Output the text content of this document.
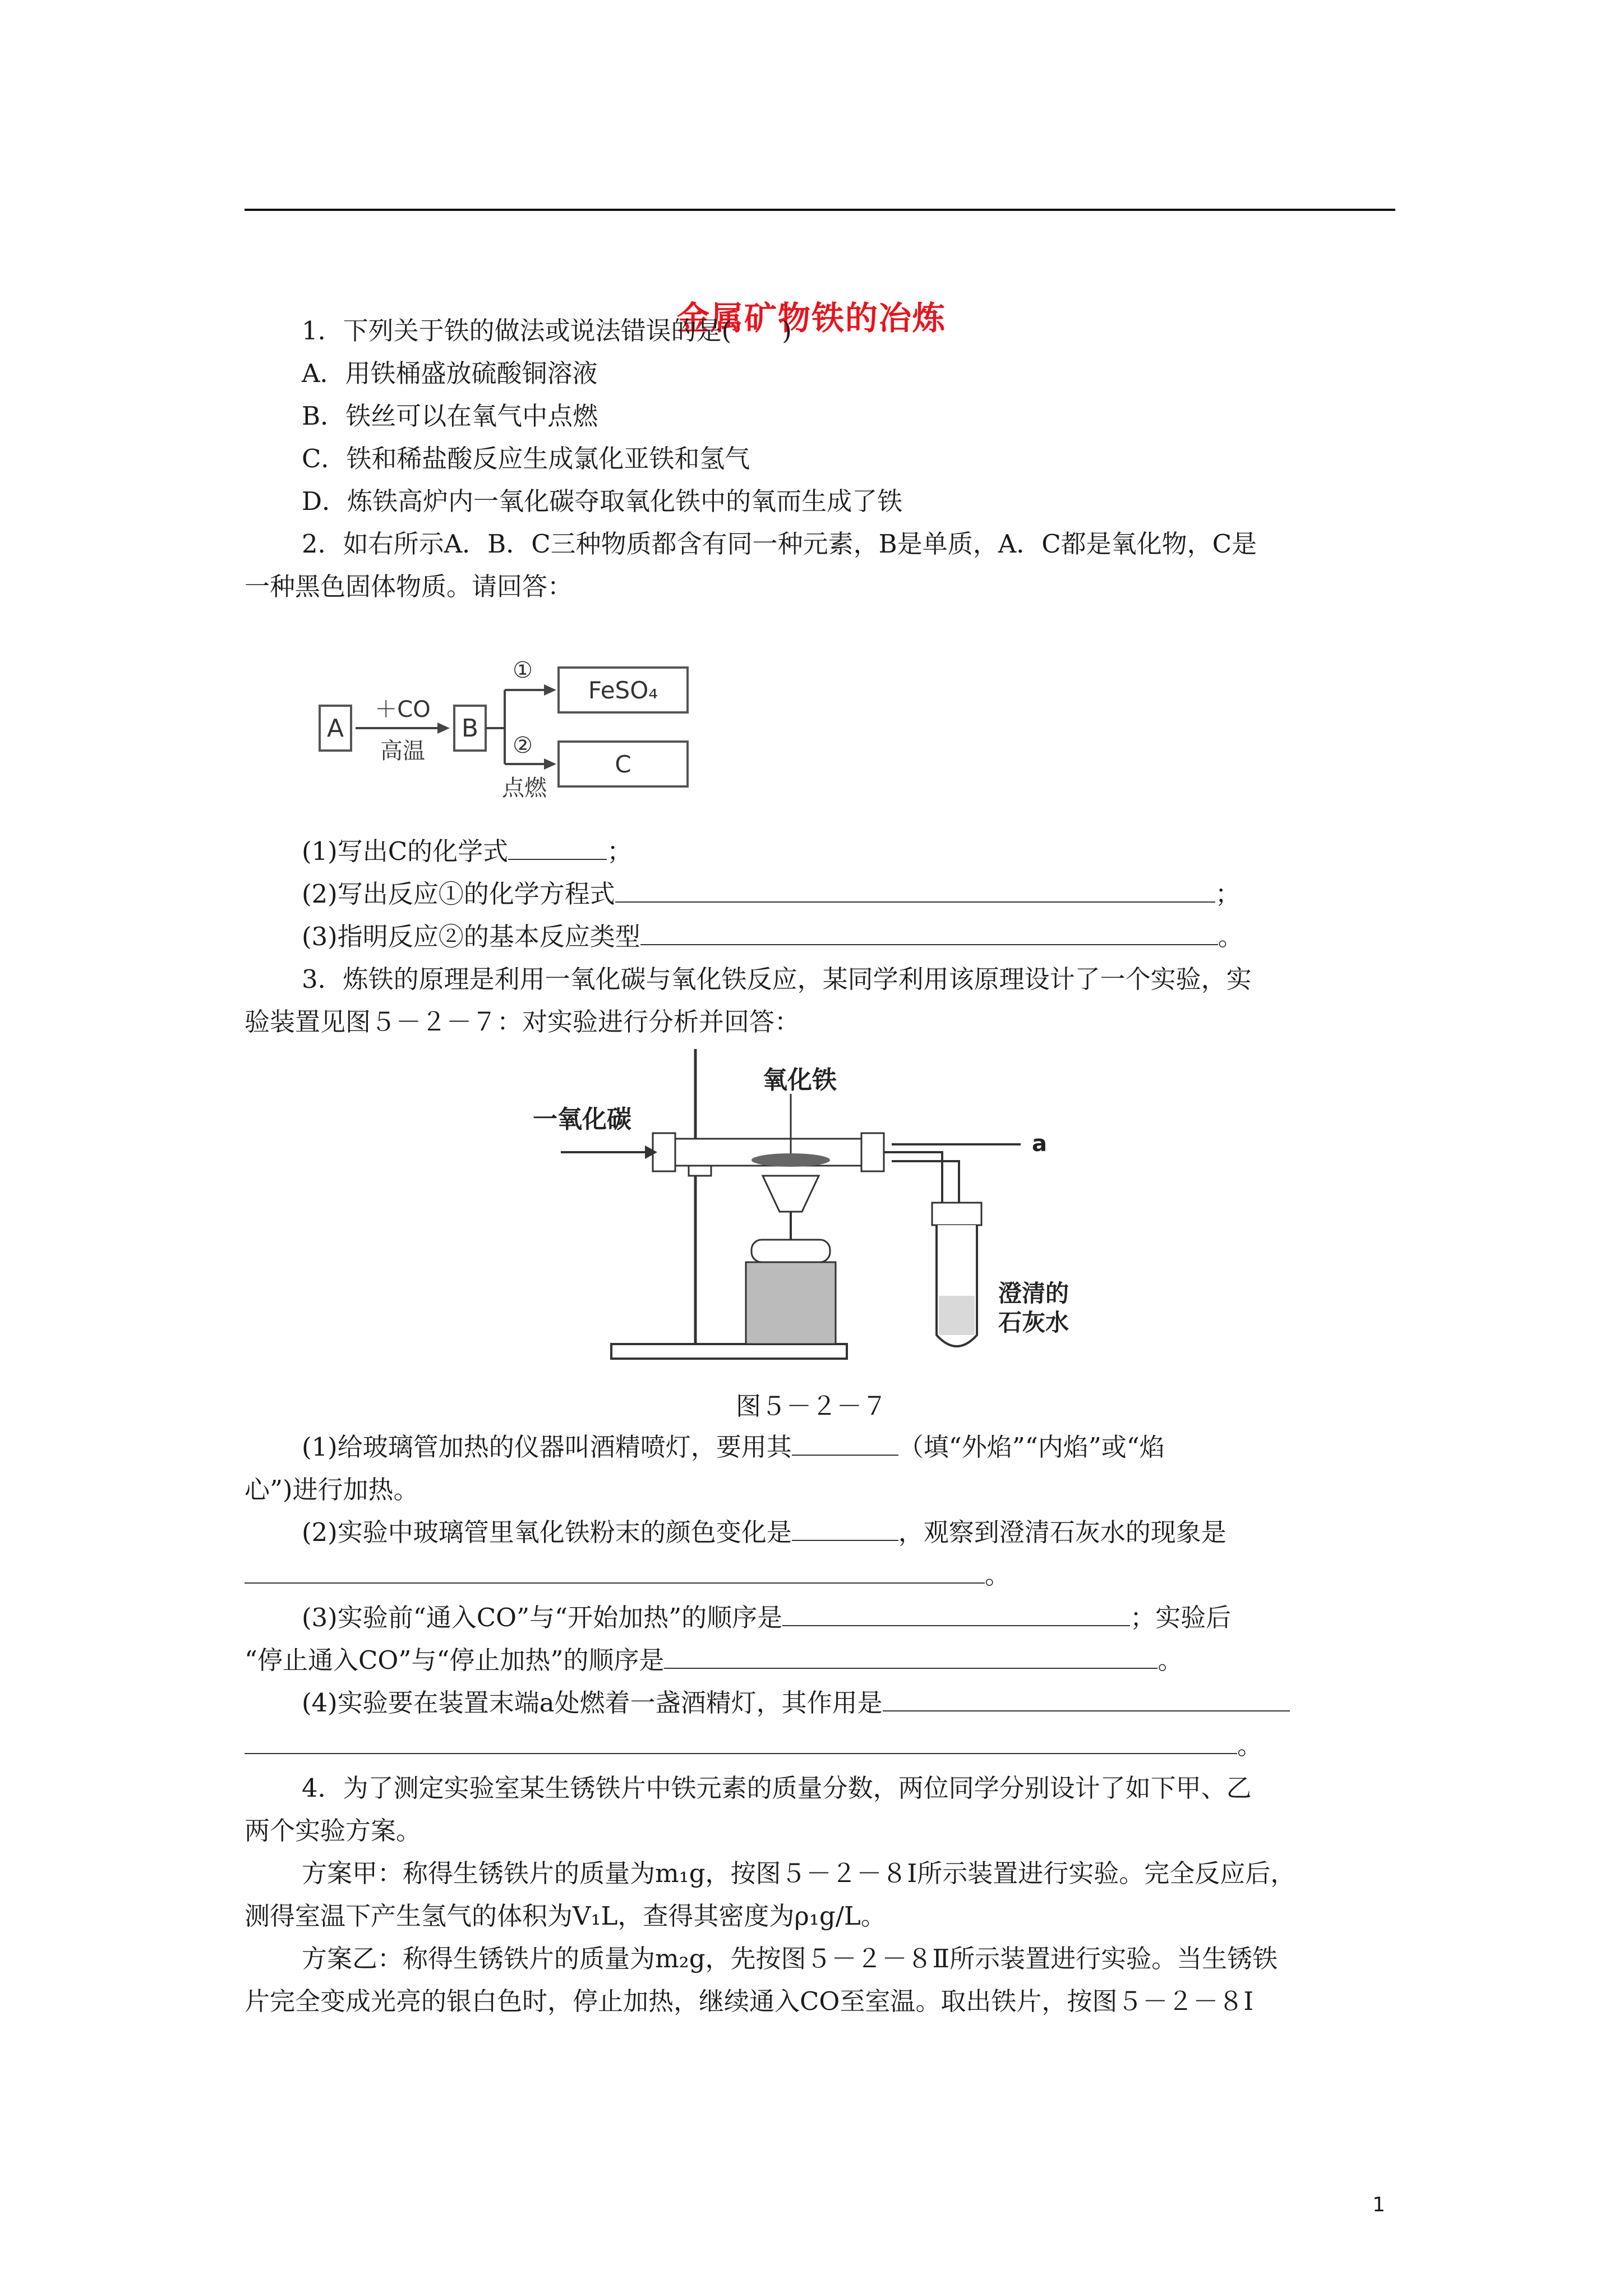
金属矿物铁的冶炼
1．下列关于铁的做法或说法错误的是(　　)
A．用铁桶盛放硫酸铜溶液
B．铁丝可以在氧气中点燃
C．铁和稀盐酸反应生成氯化亚铁和氢气
D．炼铁高炉内一氧化碳夺取氧化铁中的氧而生成了铁
2．如右所示A．B．C三种物质都含有同一种元素，B是单质，A．C都是氧化物，C是
一种黑色固体物质。请回答：
A
＋CO
高温
B
①
②
点燃
FeSO₄
C
(1)写出C的化学式	；
(2)写出反应①的化学方程式	；
(3)指明反应②的基本反应类型	。
3．炼铁的原理是利用一氧化碳与氧化铁反应，某同学利用该原理设计了一个实验，实
验装置见图５－２－７：对实验进行分析并回答：
一氧化碳
氧化铁
a
澄清的
石灰水
图５－２－７
(1)给玻璃管加热的仪器叫酒精喷灯，要用其	（填“外焰”“内焰”或“焰
心”)进行加热。
(2)实验中玻璃管里氧化铁粉末的颜色变化是	，观察到澄清石灰水的现象是
。
(3)实验前“通入CO”与“开始加热”的顺序是	；实验后
“停止通入CO”与“停止加热”的顺序是	。
(4)实验要在装置末端a处燃着一盏酒精灯，其作用是
。
4．为了测定实验室某生锈铁片中铁元素的质量分数，两位同学分别设计了如下甲、乙
两个实验方案。
方案甲：称得生锈铁片的质量为m₁g，按图５－２－８Ⅰ所示装置进行实验。完全反应后，
测得室温下产生氢气的体积为V₁L，查得其密度为ρ₁g/L。
方案乙：称得生锈铁片的质量为m₂g，先按图５－２－８Ⅱ所示装置进行实验。当生锈铁
片完全变成光亮的银白色时，停止加热，继续通入CO至室温。取出铁片，按图５－２－８Ⅰ
1
